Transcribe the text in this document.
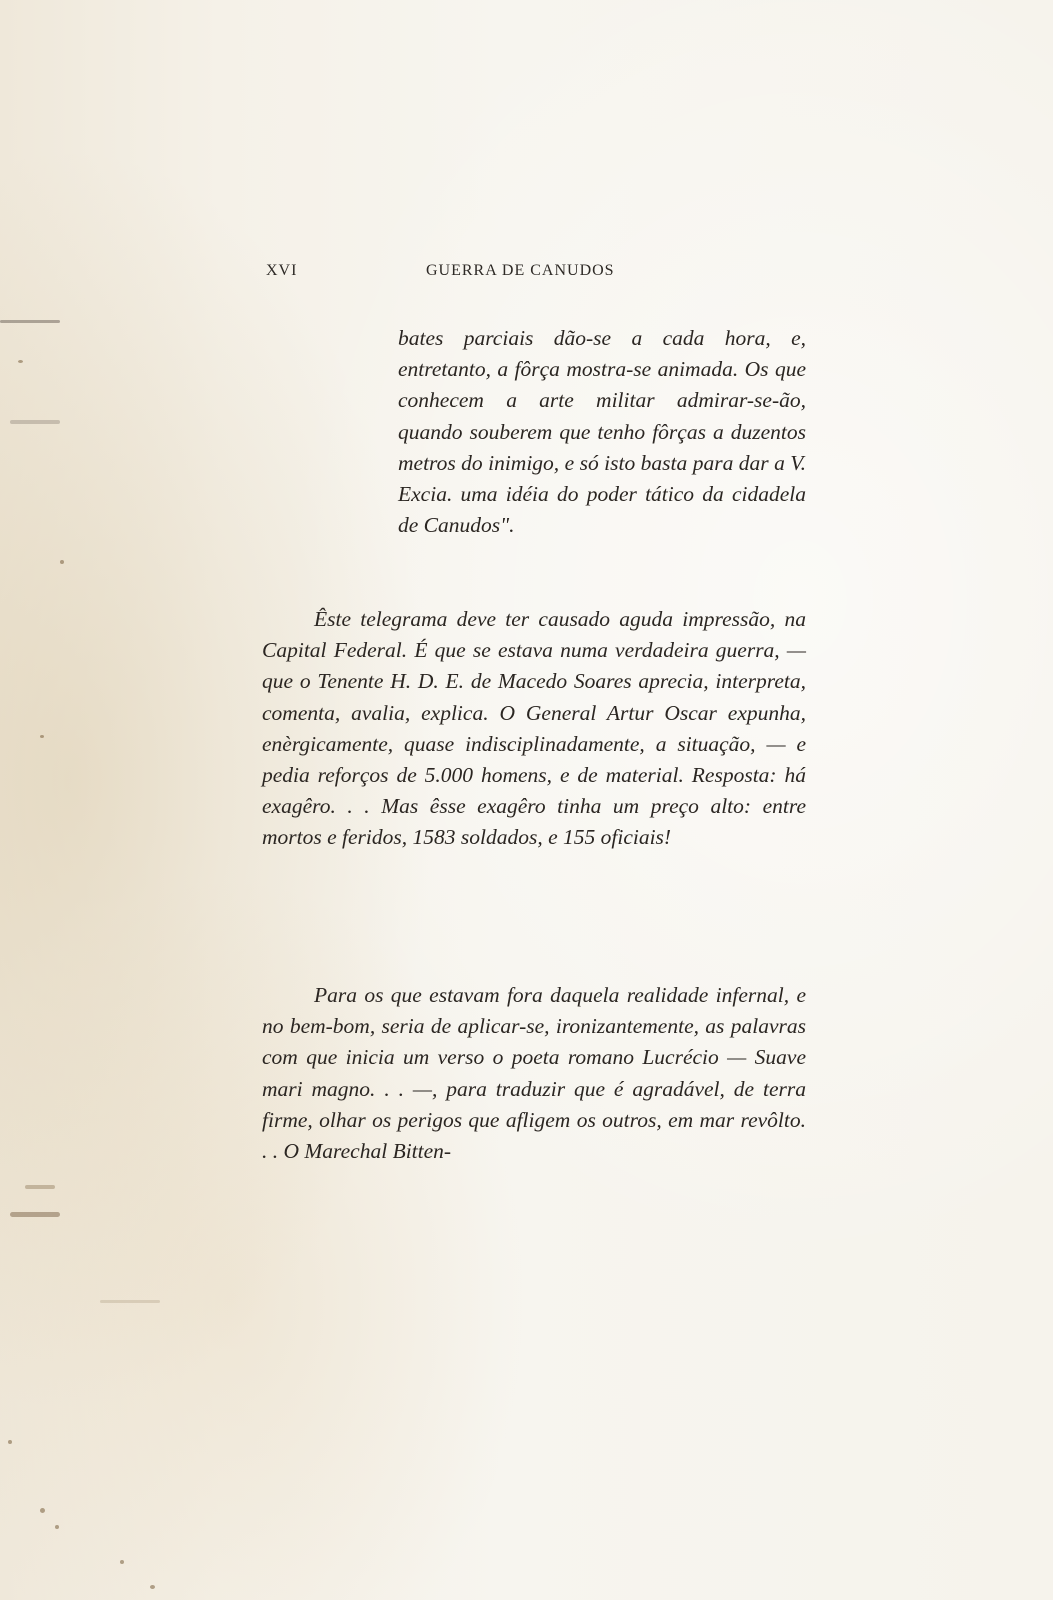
XVI	GUERRA DE CANUDOS
bates parciais dão-se a cada hora, e, entretanto, a fôrça mostra-se animada. Os que conhecem a arte militar admirar-se-ão, quando souberem que tenho fôrças a duzentos metros do inimigo, e só isto basta para dar a V. Excia. uma idéia do poder tático da cidadela de Canudos".
Êste telegrama deve ter causado aguda impressão, na Capital Federal. É que se estava numa verdadeira guerra, — que o Tenente H. D. E. de Macedo Soares aprecia, interpreta, comenta, avalia, explica. O General Artur Oscar expunha, enèrgicamente, quase indisciplinadamente, a situação, — e pedia reforços de 5.000 homens, e de material. Resposta: há exagêro. . . Mas êsse exagêro tinha um preço alto: entre mortos e feridos, 1583 soldados, e 155 oficiais!
Para os que estavam fora daquela realidade infernal, e no bem-bom, seria de aplicar-se, ironizantemente, as palavras com que inicia um verso o poeta romano Lucrécio — Suave mari magno. . . —, para traduzir que é agradável, de terra firme, olhar os perigos que afligem os outros, em mar revôlto. . . O Marechal Bitten-
